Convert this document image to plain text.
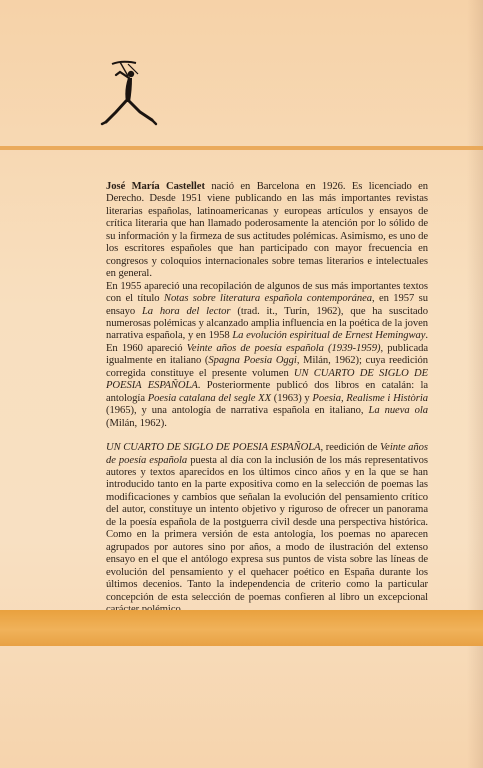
José María Castellet nació en Barcelona en 1926. Es licenciado en Derecho. Desde 1951 viene publicando en las más importantes revistas literarias españolas, latinoamericanas y europeas artículos y ensayos de crítica literaria que han llamado poderosamente la atención por lo sólido de su información y la firmeza de sus actitudes polémicas. Asimismo, es uno de los escritores españoles que han participado con mayor frecuencia en congresos y coloquios internacionales sobre temas literarios e intelectuales en general.

En 1955 apareció una recopilación de algunos de sus más importantes textos con el título Notas sobre literatura española contemporánea, en 1957 su ensayo La hora del lector (trad. it., Turín, 1962), que ha suscitado numerosas polémicas y alcanzado amplia influencia en la poética de la joven narrativa española, y en 1958 La evolución espiritual de Ernest Hemingway. En 1960 apareció Veinte años de poesía española (1939-1959), publicada igualmente en italiano (Spagna Poesia Oggi, Milán, 1962); cuya reedición corregida constituye el presente volumen UN CUARTO DE SIGLO DE POESIA ESPAÑOLA. Posteriormente publicó dos libros en catalán: la antología Poesia catalana del segle XX (1963) y Poesia, Realisme i Història (1965), y una antología de narrativa española en italiano, La nueva ola (Milán, 1962).

UN CUARTO DE SIGLO DE POESIA ESPAÑOLA, reedición de Veinte años de poesía española puesta al día con la inclusión de los más representativos autores y textos aparecidos en los últimos cinco años y en la que se han introducido tanto en la parte expositiva como en la selección de poemas las modificaciones y cambios que señalan la evolución del pensamiento crítico del autor, constituye un intento objetivo y riguroso de ofrecer un panorama de la poesía española de la postguerra civil desde una perspectiva histórica. Como en la primera versión de esta antología, los poemas no aparecen agrupados por autores sino por años, a modo de ilustración del extenso ensayo en el que el antólogo expresa sus puntos de vista sobre las líneas de evolución del pensamiento y el quehacer poético en España durante los últimos decenios. Tanto la independencia de criterio como la particular concepción de esta selección de poemas confieren al libro un excepcional
